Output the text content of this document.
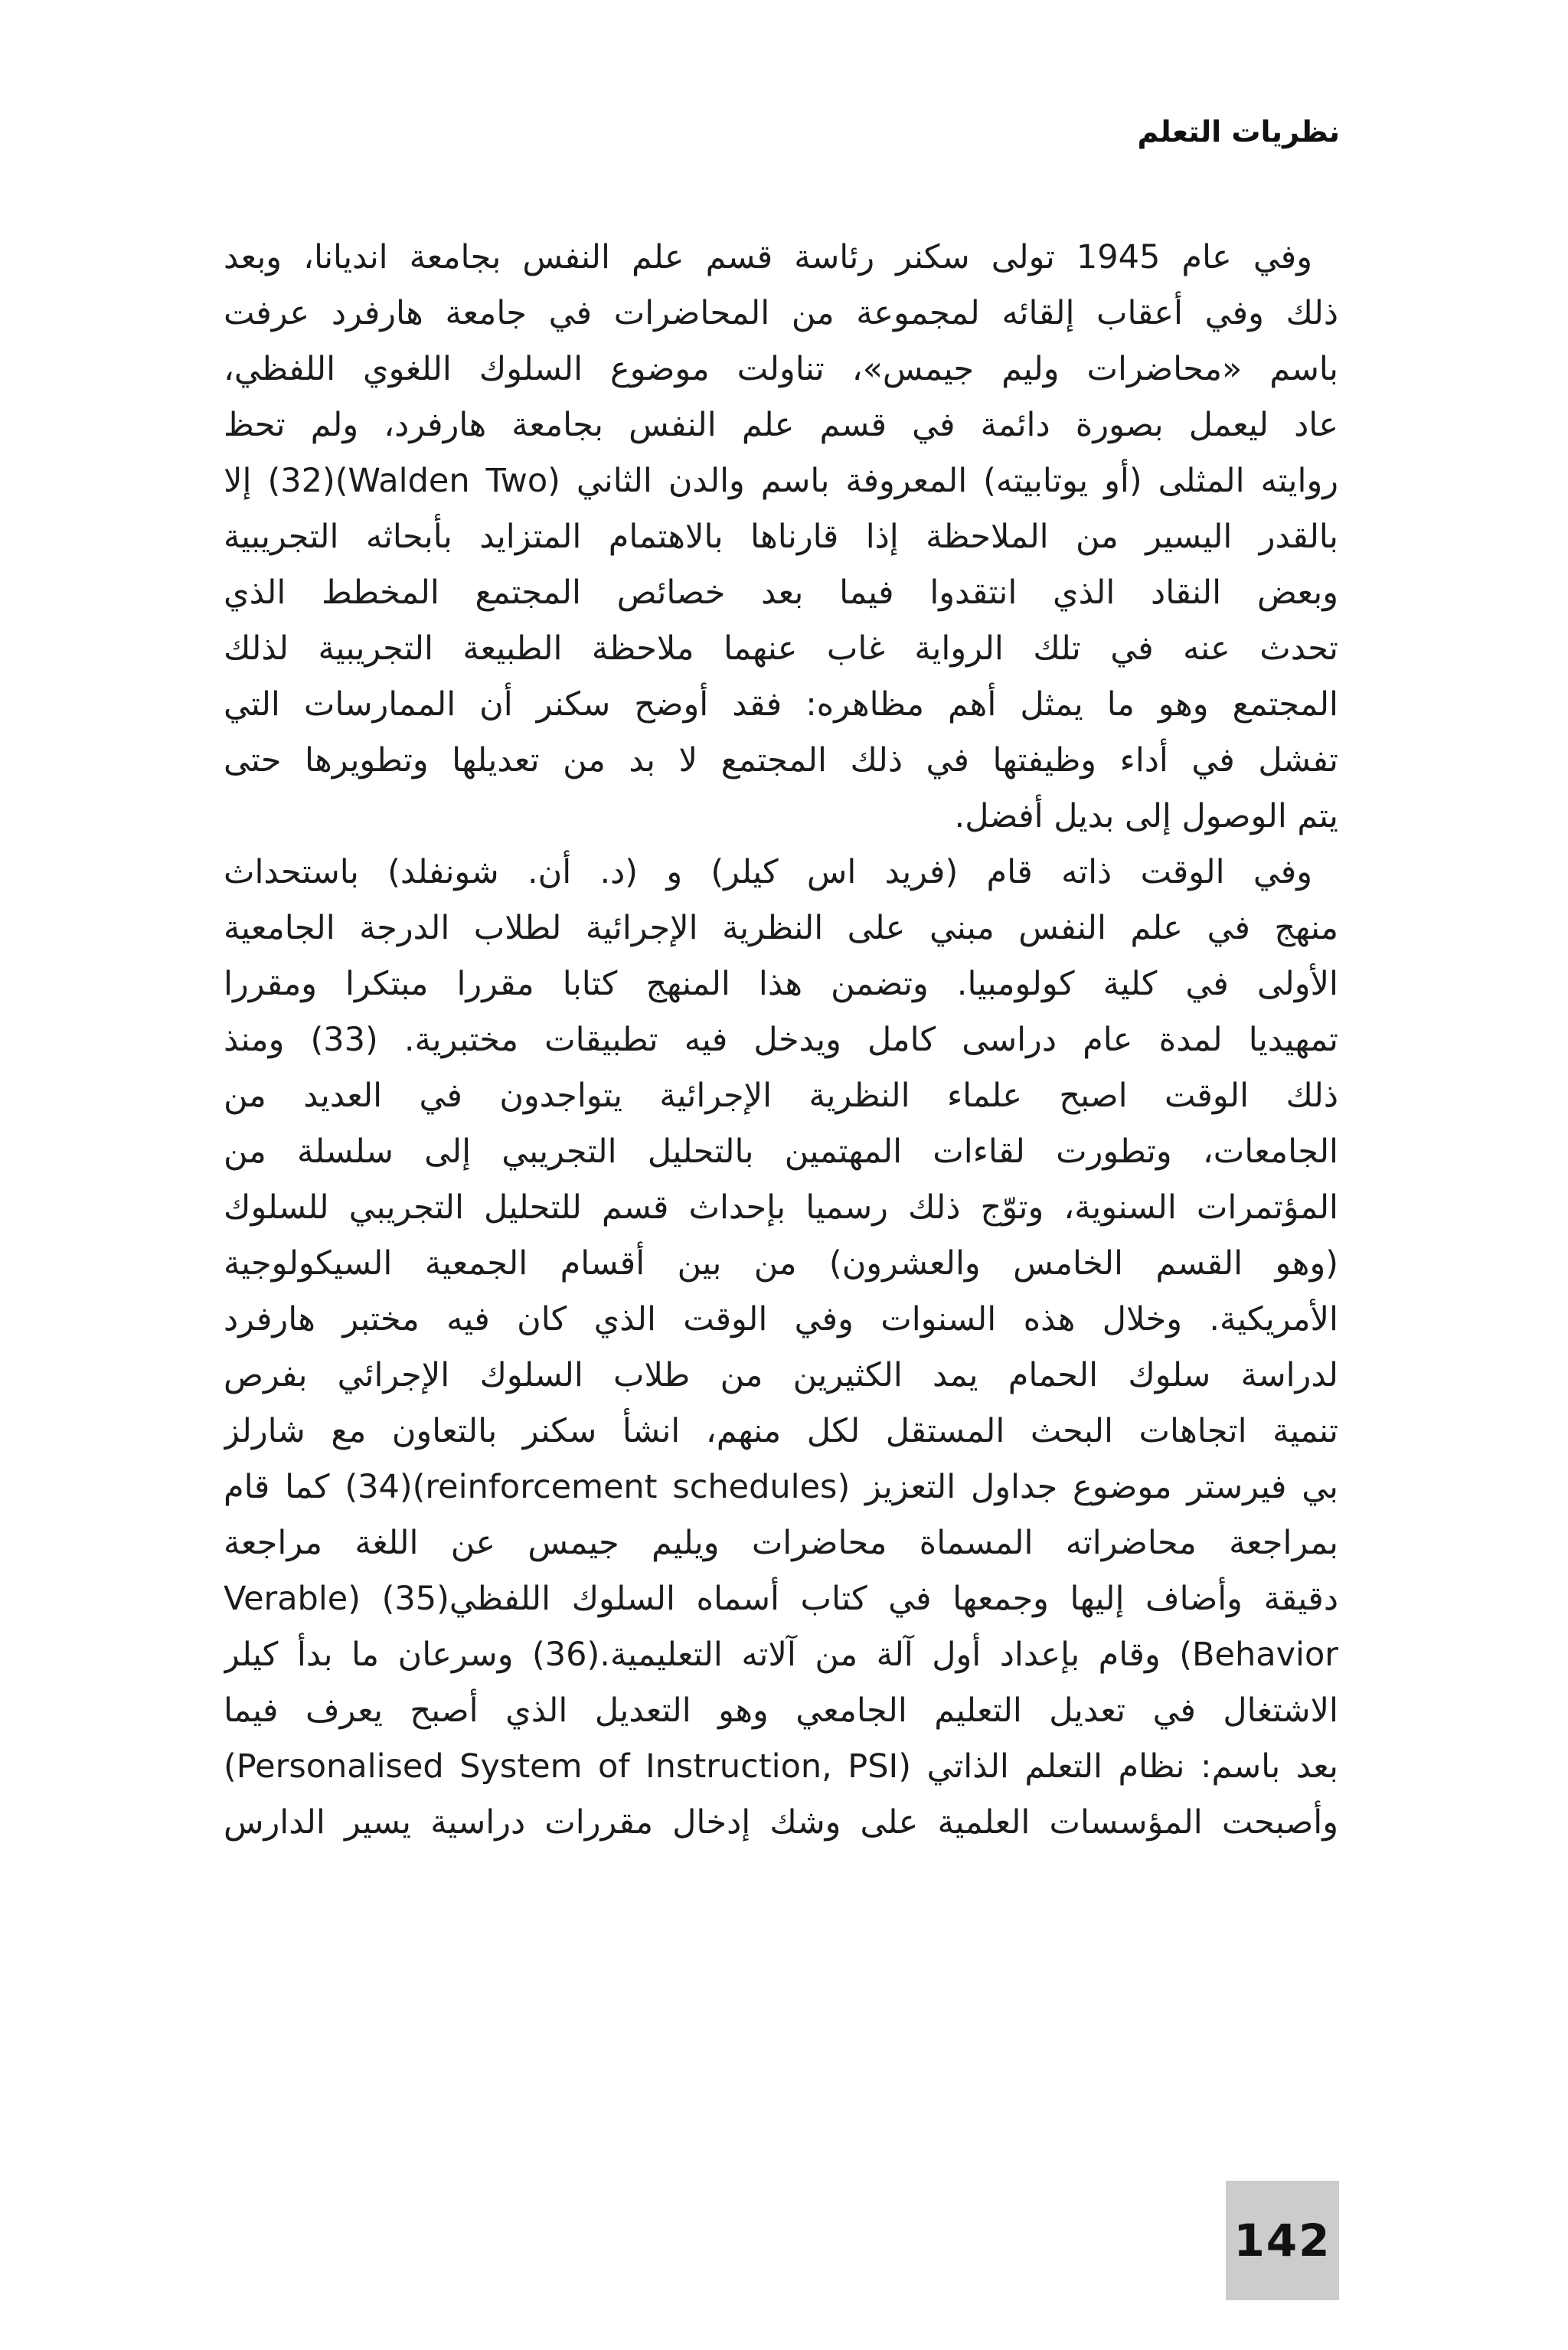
نظريات التعلم
وفي عام 1945 تولى سكنر رئاسة قسم علم النفس بجامعة انديانا، وبعد
ذلك وفي أعقاب إلقائه لمجموعة من المحاضرات في جامعة هارفرد عرفت
باسم «محاضرات وليم جيمس»، تناولت موضوع السلوك اللغوي اللفظي،
عاد ليعمل بصورة دائمة في قسم علم النفس بجامعة هارفرد، ولم تحظ
روايته المثلى (أو يوتابيته) المعروفة باسم والدن الثاني (Walden Two)(32) إلا
بالقدر اليسير من الملاحظة إذا قارناها بالاهتمام المتزايد بأبحاثه التجريبية
وبعض النقاد الذي انتقدوا فيما بعد خصائص المجتمع المخطط الذي
تحدث عنه في تلك الرواية غاب عنهما ملاحظة الطبيعة التجريبية لذلك
المجتمع وهو ما يمثل أهم مظاهره: فقد أوضح سكنر أن الممارسات التي
تفشل في أداء وظيفتها في ذلك المجتمع لا بد من تعديلها وتطويرها حتى
يتم الوصول إلى بديل أفضل.
وفي الوقت ذاته قام (فريد اس كيلر) و (د. أن. شونفلد) باستحداث
منهج في علم النفس مبني على النظرية الإجرائية لطلاب الدرجة الجامعية
الأولى في كلية كولومبيا. وتضمن هذا المنهج كتابا مقررا مبتكرا ومقررا
تمهيديا لمدة عام دراسى كامل ويدخل فيه تطبيقات مختبرية. (33) ومنذ
ذلك الوقت اصبح علماء النظرية الإجرائية يتواجدون في العديد من
الجامعات، وتطورت لقاءات المهتمين بالتحليل التجريبي إلى سلسلة من
المؤتمرات السنوية، وتوّج ذلك رسميا بإحداث قسم للتحليل التجريبي للسلوك
(وهو القسم الخامس والعشرون) من بين أقسام الجمعية السيكولوجية
الأمريكية. وخلال هذه السنوات وفي الوقت الذي كان فيه مختبر هارفرد
لدراسة سلوك الحمام يمد الكثيرين من طلاب السلوك الإجرائي بفرص
تنمية اتجاهات البحث المستقل لكل منهم، انشأ سكنر بالتعاون مع شارلز
بي فيرستر موضوع جداول التعزيز (reinforcement schedules)(34) كما قام
بمراجعة محاضراته المسماة محاضرات ويليم جيمس عن اللغة مراجعة
دقيقة وأضاف إليها وجمعها في كتاب أسماه السلوك اللفظي(35) (Verable
Behavior) وقام بإعداد أول آلة من آلاته التعليمية.(36) وسرعان ما بدأ كيلر
الاشتغال في تعديل التعليم الجامعي وهو التعديل الذي أصبح يعرف فيما
بعد باسم: نظام التعلم الذاتي (Personalised System of Instruction, PSI)
وأصبحت المؤسسات العلمية على وشك إدخال مقررات دراسية يسير الدارس
142
